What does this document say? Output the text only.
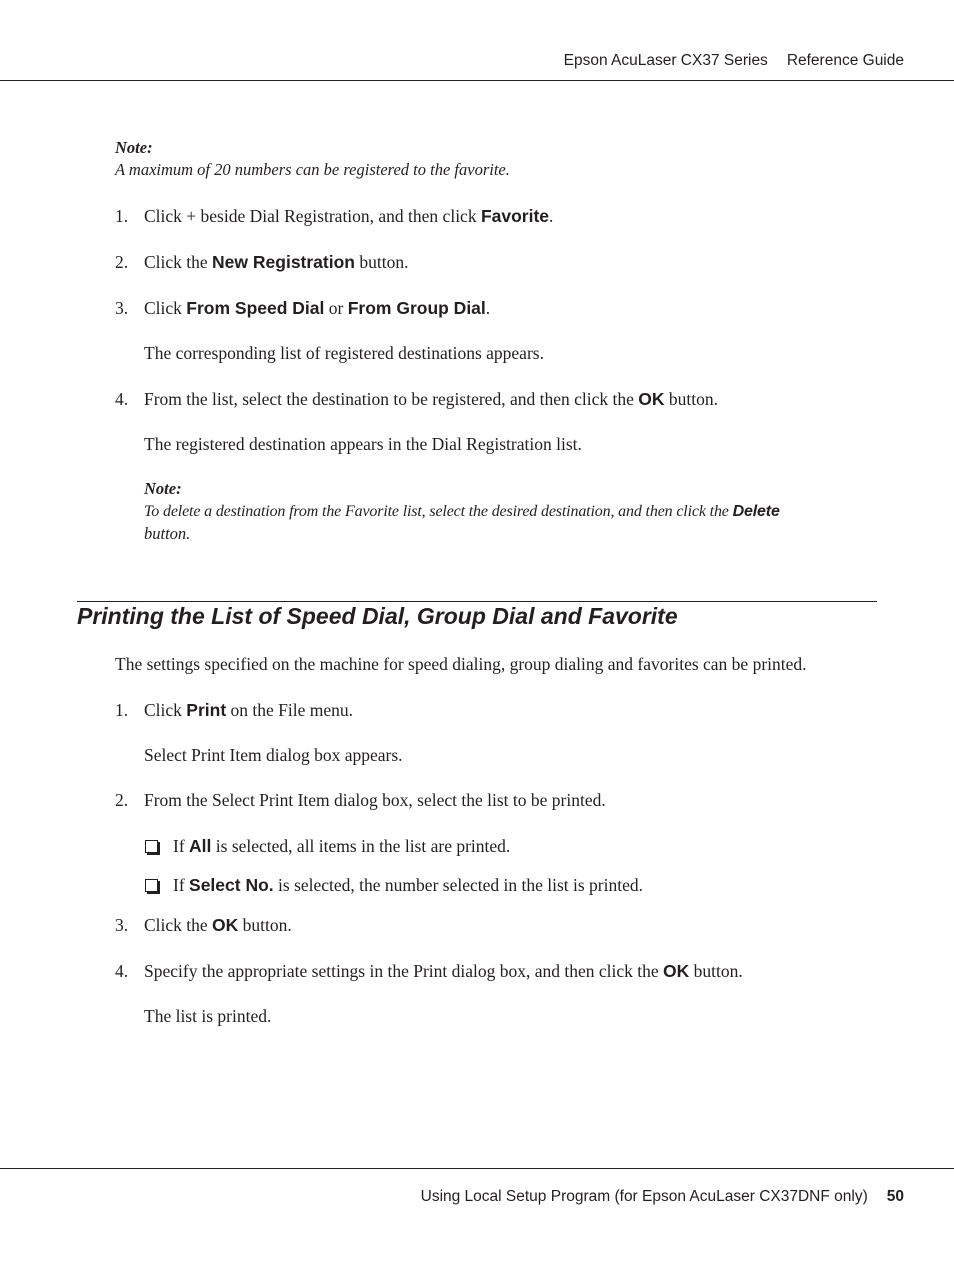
Epson AcuLaser CX37 Series Reference Guide
Note:
A maximum of 20 numbers can be registered to the favorite.
1. Click + beside Dial Registration, and then click Favorite.
2. Click the New Registration button.
3. Click From Speed Dial or From Group Dial.
The corresponding list of registered destinations appears.
4. From the list, select the destination to be registered, and then click the OK button.
The registered destination appears in the Dial Registration list.
Note:
To delete a destination from the Favorite list, select the desired destination, and then click the Delete
button.
Printing the List of Speed Dial, Group Dial and Favorite
The settings specified on the machine for speed dialing, group dialing and favorites can be printed.
1. Click Print on the File menu.
Select Print Item dialog box appears.
2. From the Select Print Item dialog box, select the list to be printed.
If All is selected, all items in the list are printed.
If Select No. is selected, the number selected in the list is printed.
3. Click the OK button.
4. Specify the appropriate settings in the Print dialog box, and then click the OK button.
The list is printed.
Using Local Setup Program (for Epson AcuLaser CX37DNF only) 50
